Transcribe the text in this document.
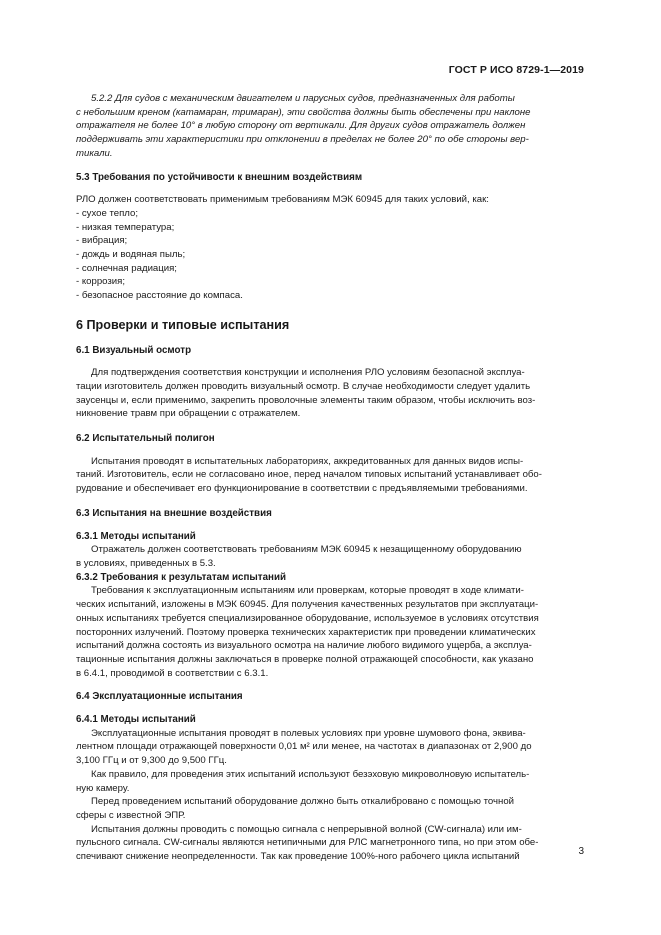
ГОСТ Р ИСО 8729-1—2019

5.2.2 Для судов с механическим двигателем и парусных судов, предназначенных для работы

с небольшим креном (катамаран, тримаран), эти свойства должны быть обеспечены при наклоне

отражателя не более 10° в любую сторону от вертикали. Для других судов отражатель должен

поддерживать эти характеристики при отклонении в пределах не более 20° по обе стороны вер-

тикали.

5.3 Требования по устойчивости к внешним воздействиям

РЛО должен соответствовать применимым требованиям МЭК 60945 для таких условий, как:

- сухое тепло;
- низкая температура;
- вибрация;
- дождь и водяная пыль;
- солнечная радиация;
- коррозия;
- безопасное расстояние до компаса.
6 Проверки и типовые испытания
6.1 Визуальный осмотр

Для подтверждения соответствия конструкции и исполнения РЛО условиям безопасной эксплуа-

тации изготовитель должен проводить визуальный осмотр. В случае необходимости следует удалить

заусенцы и, если применимо, закрепить проволочные элементы таким образом, чтобы исключить воз-

никновение травм при обращении с отражателем.

6.2 Испытательный полигон

Испытания проводят в испытательных лабораториях, аккредитованных для данных видов испы-

таний. Изготовитель, если не согласовано иное, перед началом типовых испытаний устанавливает обо-

рудование и обеспечивает его функционирование в соответствии с предъявляемыми требованиями.

6.3 Испытания на внешние воздействия
6.3.1 Методы испытаний

Отражатель должен соответствовать требованиям МЭК 60945 к незащищенному оборудованию

в условиях, приведенных в 5.3.

6.3.2 Требования к результатам испытаний

Требования к эксплуатационным испытаниям или проверкам, которые проводят в ходе климати-

ческих испытаний, изложены в МЭК 60945. Для получения качественных результатов при эксплуатаци-

онных испытаниях требуется специализированное оборудование, используемое в условиях отсутствия

посторонних излучений. Поэтому проверка технических характеристик при проведении климатических

испытаний должна состоять из визуального осмотра на наличие любого видимого ущерба, а эксплуа-

тационные испытания должны заключаться в проверке полной отражающей способности, как указано

в 6.4.1, проводимой в соответствии с 6.3.1.

6.4 Эксплуатационные испытания
6.4.1 Методы испытаний

Эксплуатационные испытания проводят в полевых условиях при уровне шумового фона, эквива-

лентном площади отражающей поверхности 0,01 м² или менее, на частотах в диапазонах от 2,900 до

3,100 ГГц и от 9,300 до 9,500 ГГц.

Как правило, для проведения этих испытаний используют безэховую микроволновую испытатель-

ную камеру.

Перед проведением испытаний оборудование должно быть откалибровано с помощью точной

сферы с известной ЭПР.

Испытания должны проводить с помощью сигнала с непрерывной волной (CW-сигнала) или им-

пульсного сигнала. CW-сигналы являются нетипичными для РЛС магнетронного типа, но при этом обе-

спечивают снижение неопределенности. Так как проведение 100%-ного рабочего цикла испытаний	3
